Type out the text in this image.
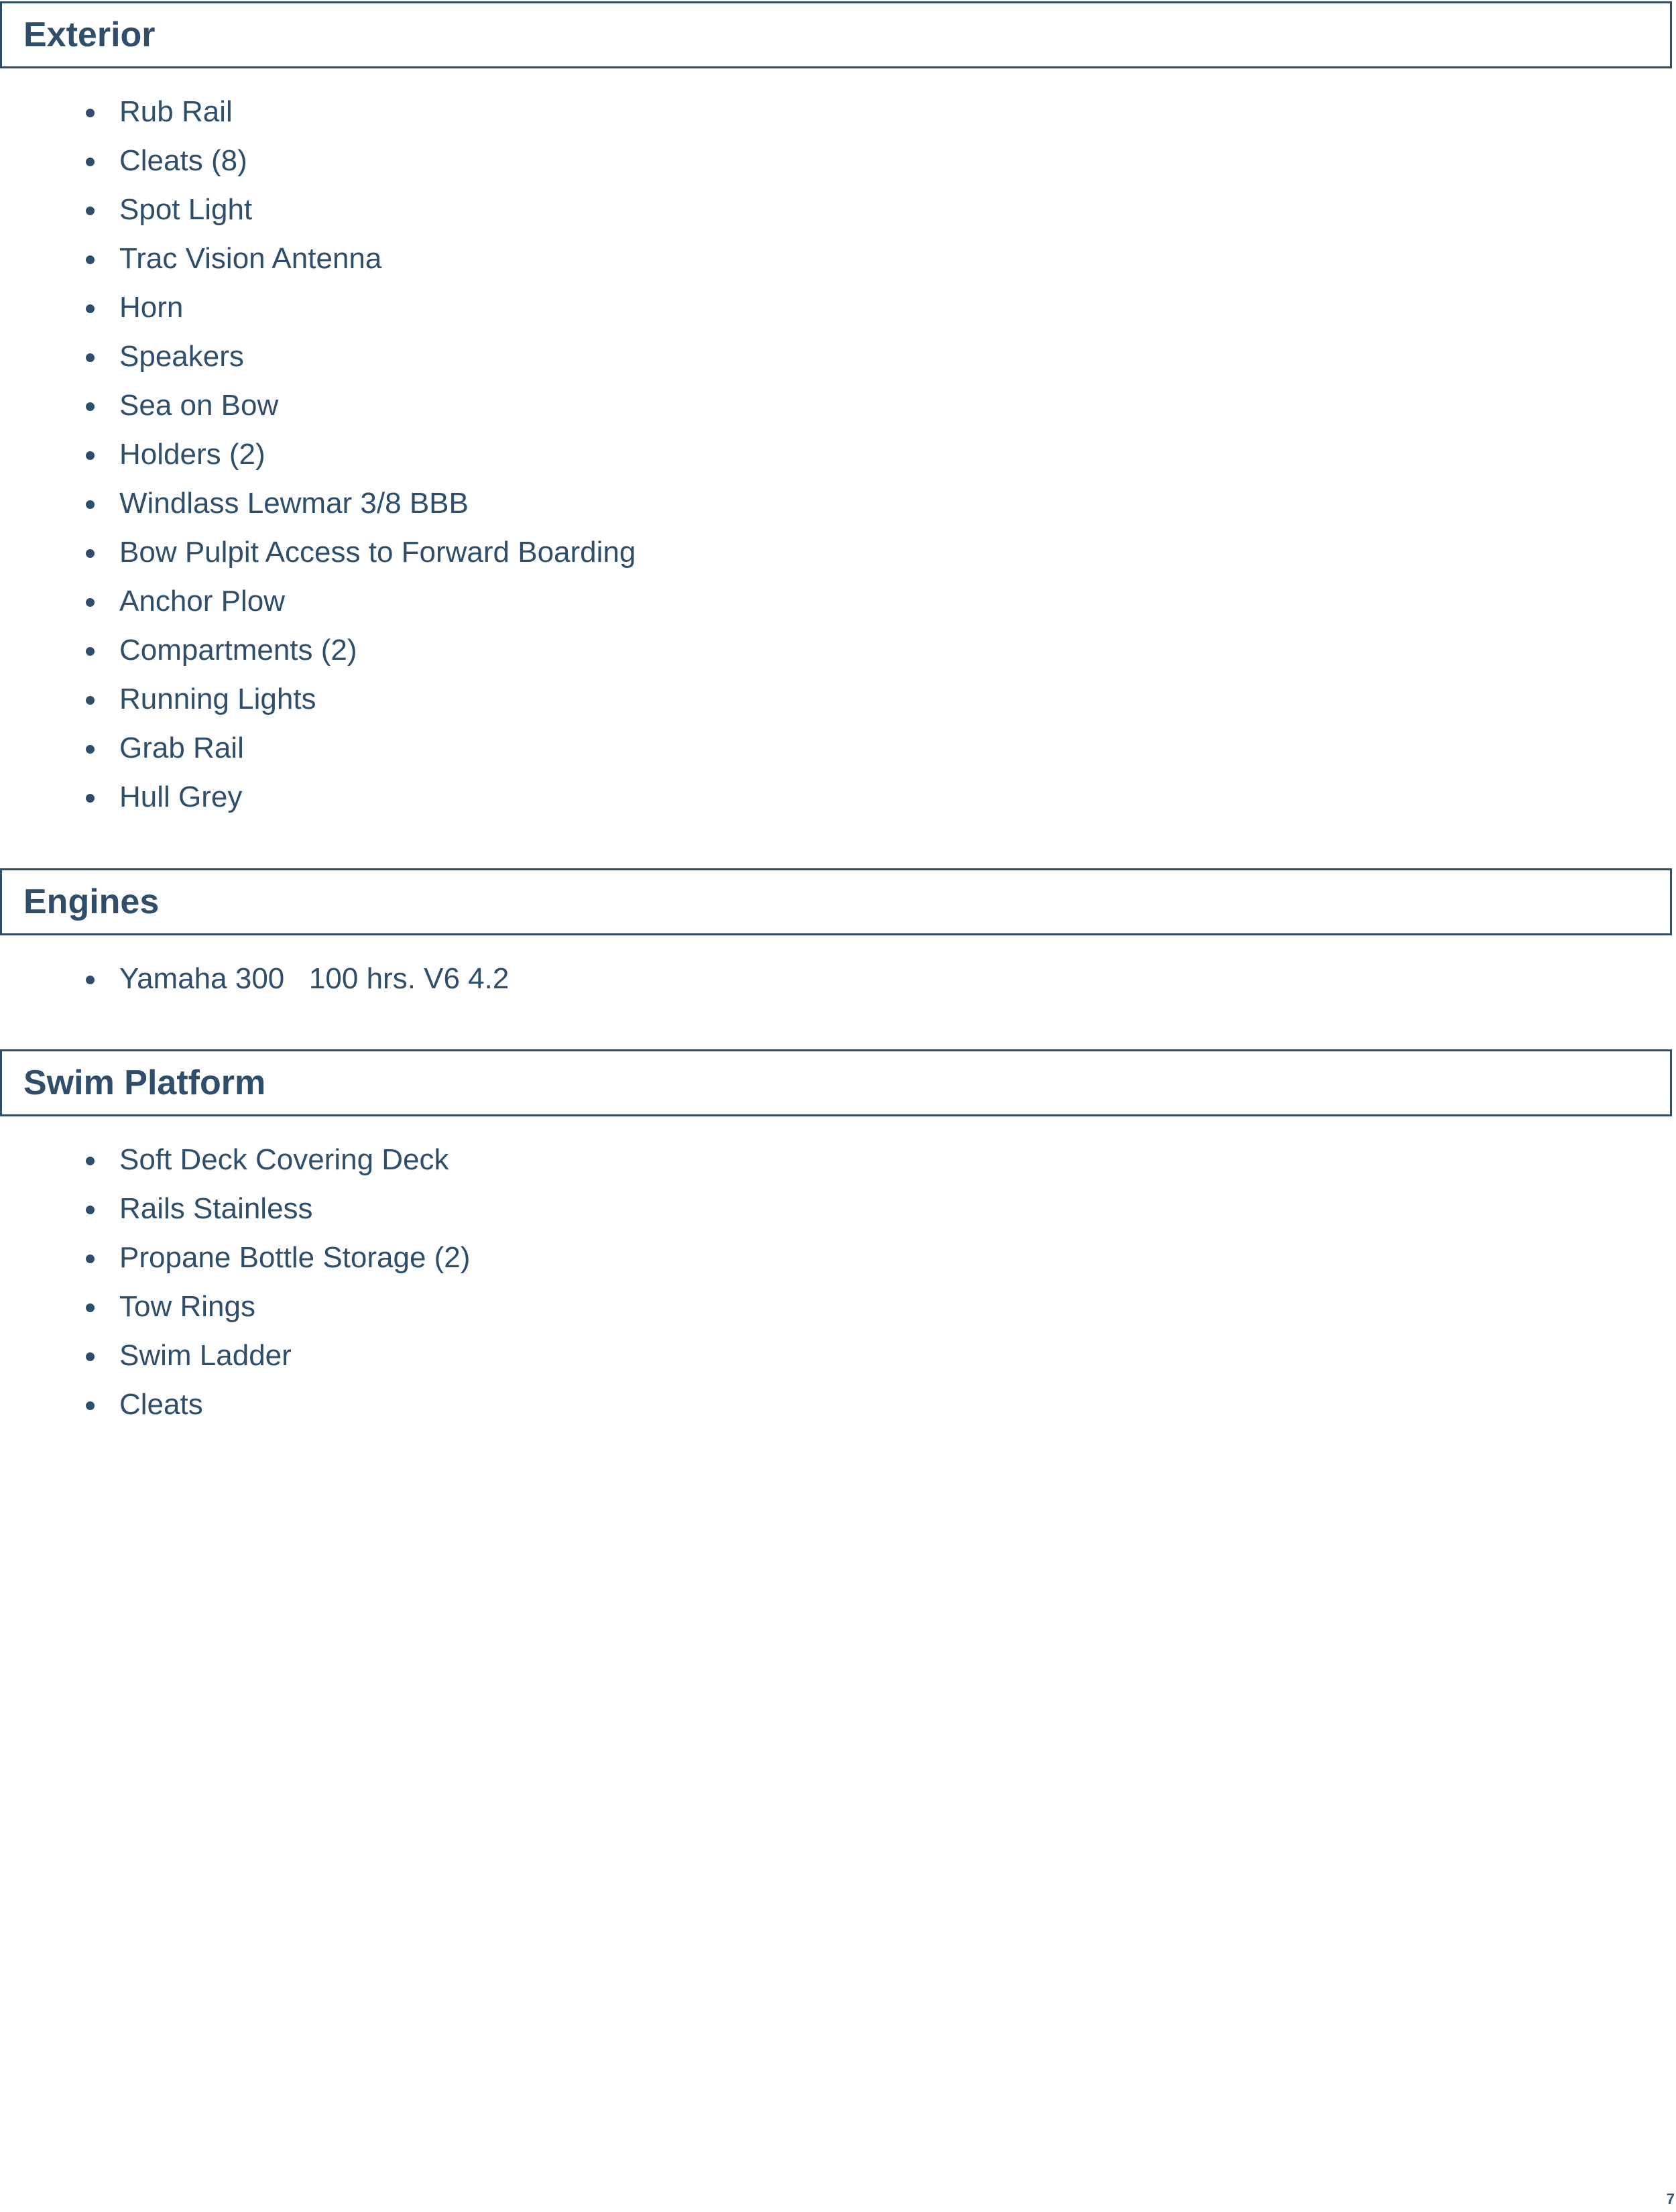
Exterior
Rub Rail
Cleats (8)
Spot Light
Trac Vision Antenna
Horn
Speakers
Sea on Bow
Holders (2)
Windlass Lewmar 3/8 BBB
Bow Pulpit Access to Forward Boarding
Anchor Plow
Compartments (2)
Running Lights
Grab Rail
Hull Grey
Engines
Yamaha 300   100 hrs. V6 4.2
Swim Platform
Soft Deck Covering Deck
Rails Stainless
Propane Bottle Storage (2)
Tow Rings
Swim Ladder
Cleats
7
